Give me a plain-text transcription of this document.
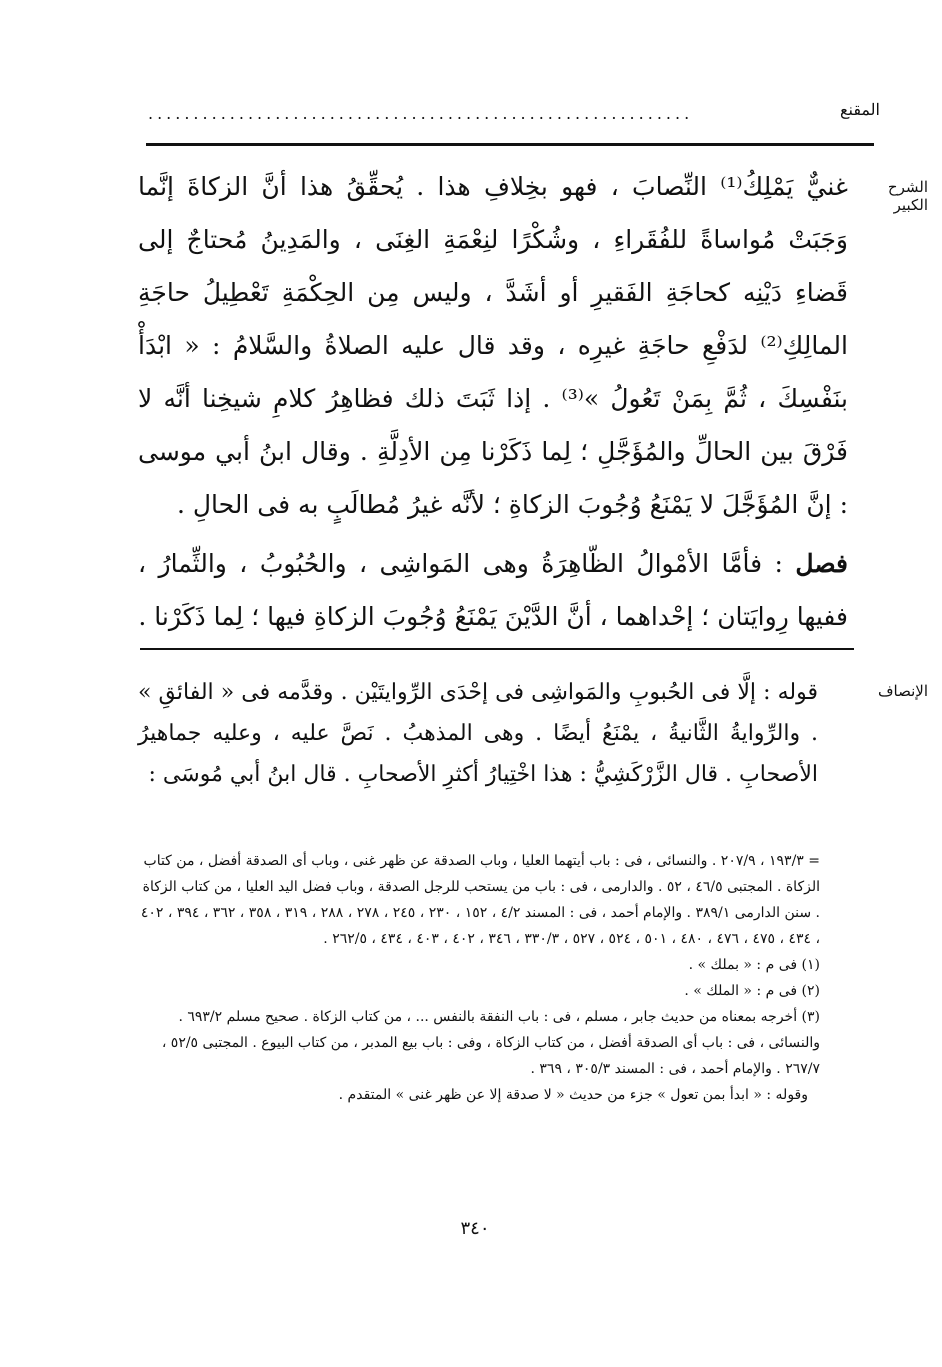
المقنع
............................................................
الشرح الكبير

غنيٌّ يَمْلِكُ⁽¹⁾ النِّصابَ ، فهو بخِلافِ هذا . يُحقِّقُ هذا أنَّ الزكاةَ إنَّما وَجَبَتْ مُواساةً للفُقَراءِ ، وشُكْرًا لنِعْمَةِ الغِنَى ، والمَدِينُ مُحتاجٌ إلى قَضاءِ دَيْنِه كحاجَةِ الفَقيرِ أو أشَدَّ ، وليس مِن الحِكْمَةِ تَعْطِيلُ حاجَةِ المالِكِ⁽²⁾ لدَفْعِ حاجَةِ غيرِه ، وقد قال عليه الصلاةُ والسَّلامُ : « ابْدَأْ بنَفْسِكَ ، ثُمَّ بِمَنْ تَعُولُ »⁽³⁾ . إذا ثَبَتَ ذلك فظاهِرُ كلامِ شيخِنا أنَّه لا فَرْقَ بين الحالِّ والمُؤَجَّلِ ؛ لِما ذَكَرْنا مِن الأدِلَّةِ . وقال ابنُ أبي موسى : إنَّ المُؤَجَّلَ لا يَمْنَعُ وُجُوبَ الزكاةِ ؛ لأنَّه غيرُ مُطالَبٍ به فى الحالِ .

فصل : فأمَّا الأمْوالُ الظّاهِرَةُ وهى المَواشِى ، والحُبُوبُ ، والثِّمارُ ، ففيها رِوايَتان ؛ إحْداهما ، أنَّ الدَّيْنَ يَمْنَعُ وُجُوبَ الزكاةِ فيها ؛ لِما ذَكَرْنا .

الإنصاف

قوله : إلَّا فى الحُبوبِ والمَواشِى فى إحْدَى الرِّوايتَيْن . وقدَّمه فى « الفائقِ » . والرِّوايةُ الثَّانيةُ ، يمْنَعُ أيضًا . وهى المذهبُ . نَصَّ عليه ، وعليه جماهيرُ الأصحابِ . قال الزَّرْكَشِيُّ : هذا اخْتِيارُ أكثرِ الأصحابِ . قال ابنُ أبي مُوسَى :

= ١٩٣/٣ ، ٢٠٧/٩ . والنسائى ، فى : باب أيتهما العليا ، وباب الصدقة عن ظهر غنى ، وباب أى الصدقة أفضل ، من كتاب الزكاة . المجتبى ٤٦/٥ ، ٥٢ . والدارمى ، فى : باب من يستحب للرجل الصدقة ، وباب فضل اليد العليا ، من كتاب الزكاة . سنن الدارمى ٣٨٩/١ . والإمام أحمد ، فى : المسند ٤/٢ ، ١٥٢ ، ٢٣٠ ، ٢٤٥ ، ٢٧٨ ، ٢٨٨ ، ٣١٩ ، ٣٥٨ ، ٣٦٢ ، ٣٩٤ ، ٤٠٢ ، ٤٣٤ ، ٤٧٥ ، ٤٧٦ ، ٤٨٠ ، ٥٠١ ، ٥٢٤ ، ٥٢٧ ، ٣٣٠/٣ ، ٣٤٦ ، ٤٠٢ ، ٤٠٣ ، ٤٣٤ ، ٢٦٢/٥ .

(١) فى م : « بملك » .

(٢) فى م : « الملك » .

(٣) أخرجه بمعناه من حديث جابر ، مسلم ، فى : باب النفقة بالنفس ... ، من كتاب الزكاة . صحيح مسلم ٦٩٣/٢ . والنسائى ، فى : باب أى الصدقة أفضل ، من كتاب الزكاة ، وفى : باب بيع المدبر ، من كتاب البيوع . المجتبى ٥٢/٥ ، ٢٦٧/٧ . والإمام أحمد ، فى : المسند ٣٠٥/٣ ، ٣٦٩ .

وقوله : « ابدأ بمن تعول » جزء من حديث « لا صدقة إلا عن ظهر غنى » المتقدم .

٣٤٠
